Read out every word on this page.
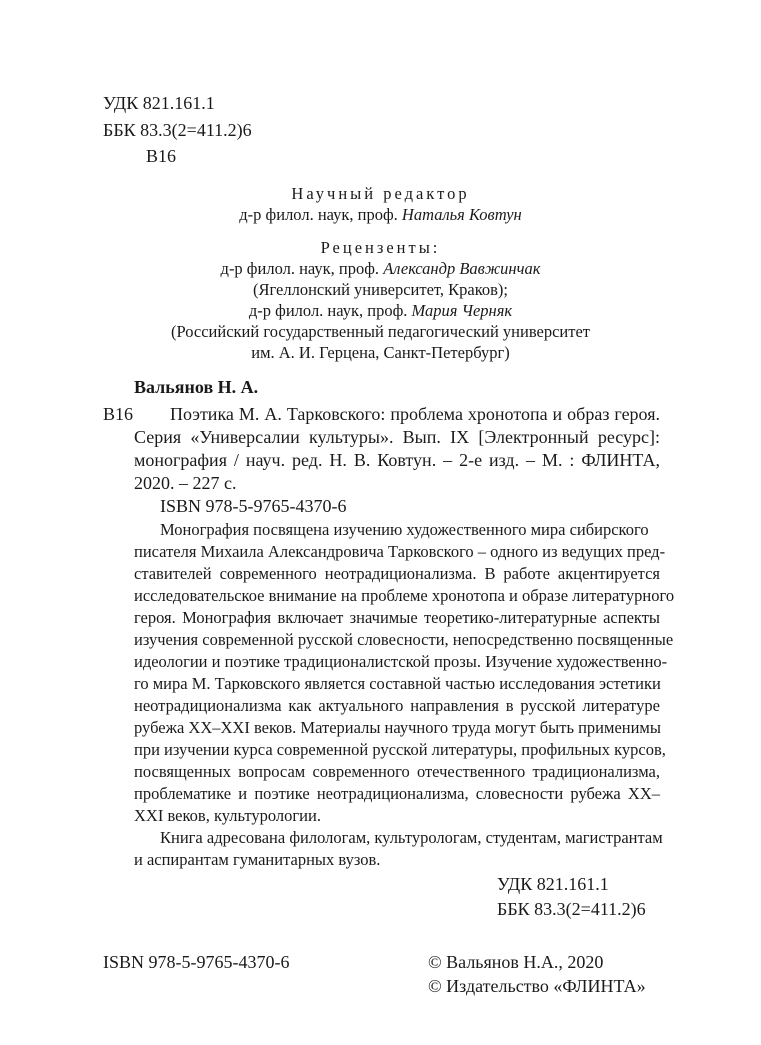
УДК 821.161.1
ББК 83.3(2=411.2)6
В16
Научный редактор
д-р филол. наук, проф. Наталья Ковтун
Рецензенты:
д-р филол. наук, проф. Александр Вавжинчак
(Ягеллонский университет, Краков);
д-р филол. наук, проф. Мария Черняк
(Российский государственный педагогический университет
им. А. И. Герцена, Санкт-Петербург)
Вальянов Н. А.
В16 Поэтика М. А. Тарковского: проблема хронотопа и образ героя.
Серия «Универсалии культуры». Вып. IX [Электронный ресурс]:
монография / науч. ред. Н. В. Ковтун. – 2-е изд. – М. : ФЛИНТА,
2020. – 227 с.
ISBN 978-5-9765-4370-6
Монография посвящена изучению художественного мира сибирского
писателя Михаила Александровича Тарковского – одного из ведущих пред-
ставителей современного неотрадиционализма. В работе акцентируется
исследовательское внимание на проблеме хронотопа и образе литературного
героя. Монография включает значимые теоретико-литературные аспекты
изучения современной русской словесности, непосредственно посвященные
идеологии и поэтике традиционалистской прозы. Изучение художественно-
го мира М. Тарковского является составной частью исследования эстетики
неотрадиционализма как актуального направления в русской литературе
рубежа XX–XXI веков. Материалы научного труда могут быть применимы
при изучении курса современной русской литературы, профильных курсов,
посвященных вопросам современного отечественного традиционализма,
проблематике и поэтике неотрадиционализма, словесности рубежа XX–
XXI веков, культурологии.
Книга адресована филологам, культурологам, студентам, магистрантам
и аспирантам гуманитарных вузов.
УДК 821.161.1
ББК 83.3(2=411.2)6
ISBN 978-5-9765-4370-6	© Вальянов Н.А., 2020
© Издательство «ФЛИНТА»
